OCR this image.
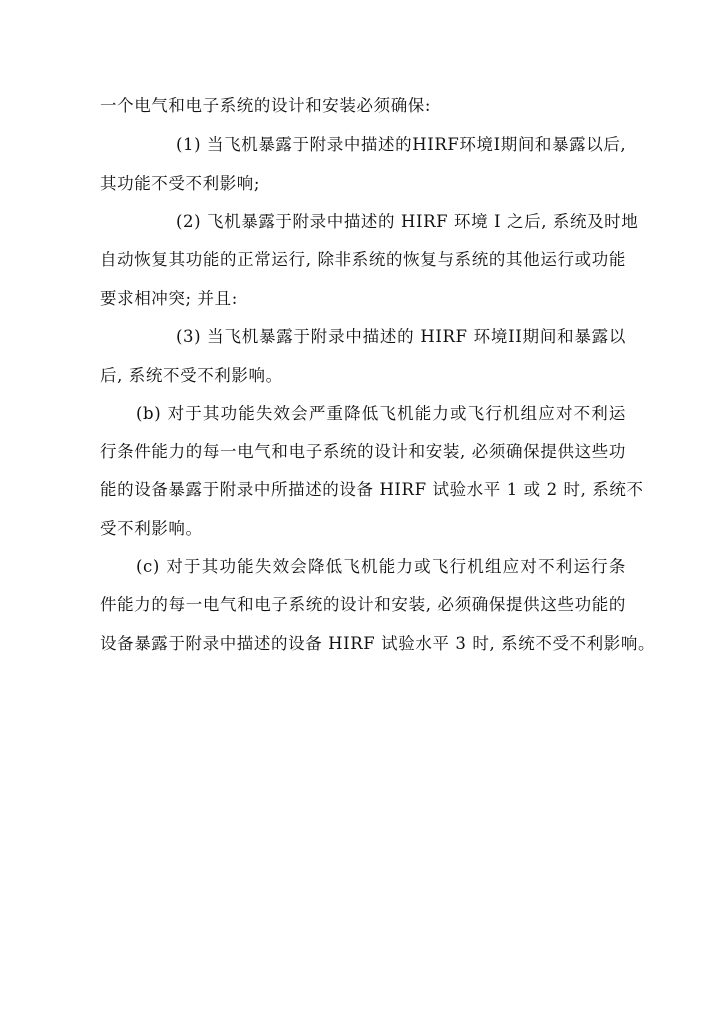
一个电气和电子系统的设计和安装必须确保:

(1) 当飞机暴露于附录中描述的HIRF环境I期间和暴露以后,

其功能不受不利影响;

(2) 飞机暴露于附录中描述的 HIRF 环境 I 之后, 系统及时地

自动恢复其功能的正常运行, 除非系统的恢复与系统的其他运行或功能

要求相冲突; 并且:

(3) 当飞机暴露于附录中描述的 HIRF 环境II期间和暴露以

后, 系统不受不利影响。

(b) 对于其功能失效会严重降低飞机能力或飞行机组应对不利运

行条件能力的每一电气和电子系统的设计和安装, 必须确保提供这些功

能的设备暴露于附录中所描述的设备 HIRF 试验水平 1 或 2 时, 系统不

受不利影响。

(c) 对于其功能失效会降低飞机能力或飞行机组应对不利运行条

件能力的每一电气和电子系统的设计和安装, 必须确保提供这些功能的

设备暴露于附录中描述的设备 HIRF 试验水平 3 时, 系统不受不利影响。
